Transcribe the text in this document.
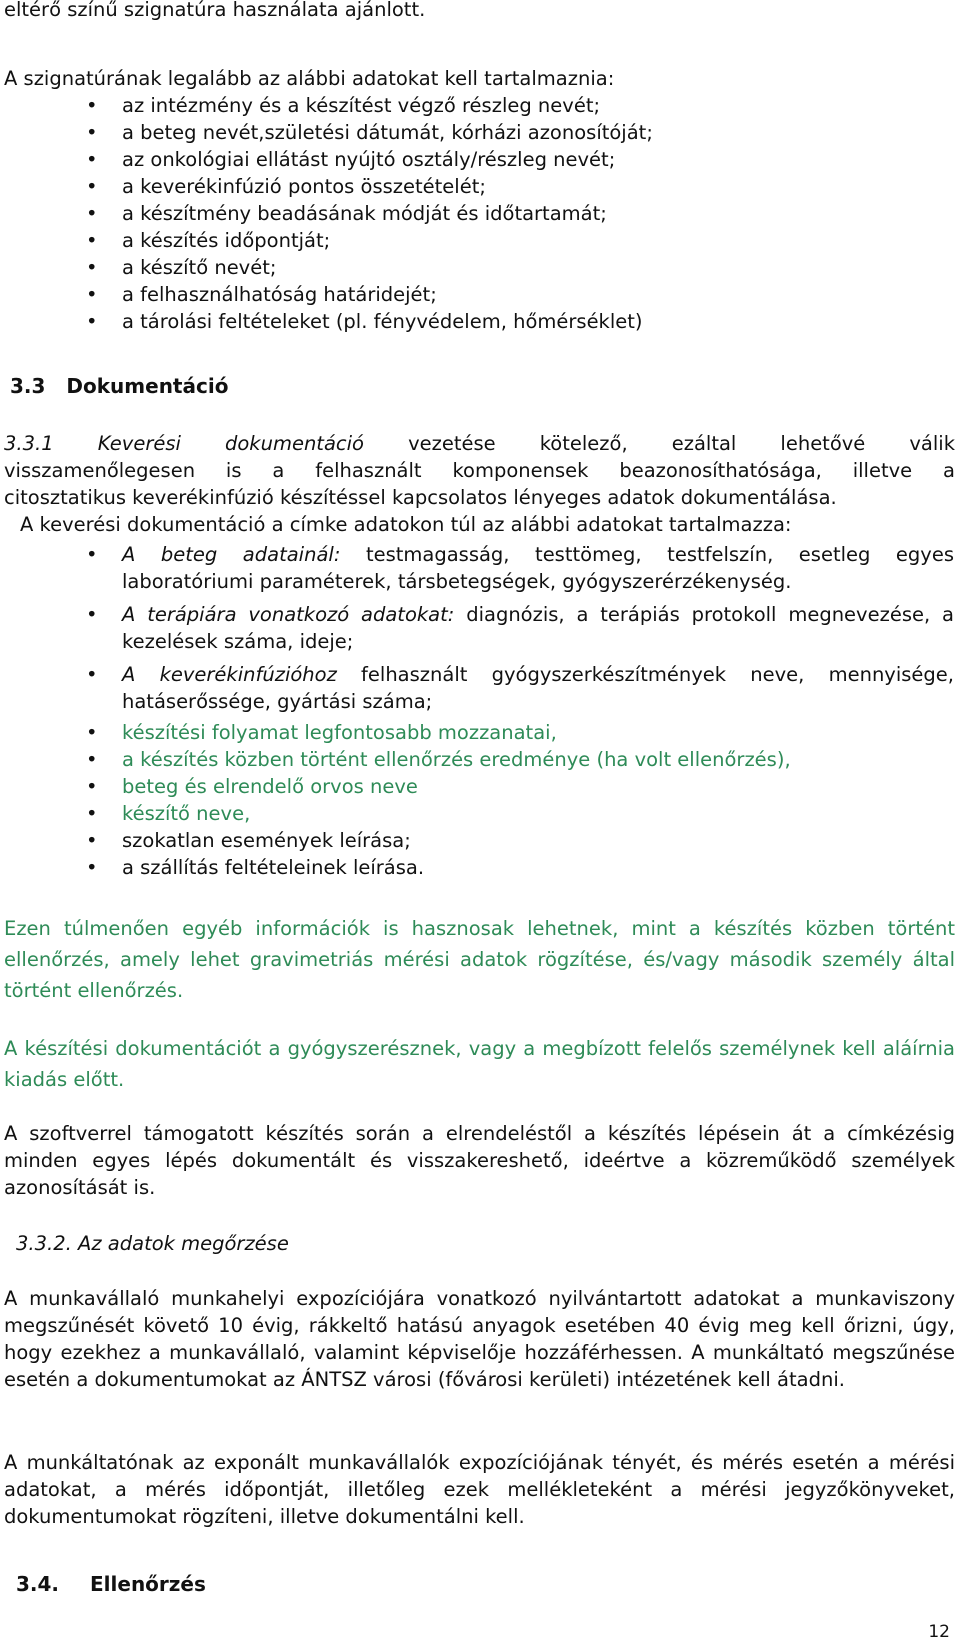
eltérő színű szignatúra használata ajánlott.
A szignatúrának legalább az alábbi adatokat kell tartalmaznia:
• az intézmény és a készítést végző részleg nevét;
• a beteg nevét,születési dátumát, kórházi azonosítóját;
• az onkológiai ellátást nyújtó osztály/részleg nevét;
• a keverékinfúzió pontos összetételét;
• a készítmény beadásának módját és időtartamát;
• a készítés időpontját;
• a készítő nevét;
• a felhasználhatóság határidejét;
• a tárolási feltételeket (pl. fényvédelem, hőmérséklet)
3.3 Dokumentáció
3.3.1 Keverési dokumentáció vezetése kötelező, ezáltal lehetővé válik
visszamenőlegesen is a felhasznált komponensek beazonosíthatósága, illetve a
citosztatikus keverékinfúzió készítéssel kapcsolatos lényeges adatok dokumentálása.
A keverési dokumentáció a címke adatokon túl az alábbi adatokat tartalmazza:
• A beteg adatainál: testmagasság, testtömeg, testfelszín, esetleg egyes laboratóriumi paraméterek, társbetegségek, gyógyszerérzékenység.
• A terápiára vonatkozó adatokat: diagnózis, a terápiás protokoll megnevezése, a kezelések száma, ideje;
• A keverékinfúzióhoz felhasznált gyógyszerkészítmények neve, mennyisége, hatáserőssége, gyártási száma;
• készítési folyamat legfontosabb mozzanatai,
• a készítés közben történt ellenőrzés eredménye (ha volt ellenőrzés),
• beteg és elrendelő orvos neve
• készítő neve,
• szokatlan események leírása;
• a szállítás feltételeinek leírása.
Ezen túlmenően egyéb információk is hasznosak lehetnek, mint a készítés közben történt ellenőrzés, amely lehet gravimetriás mérési adatok rögzítése, és/vagy második személy által történt ellenőrzés.
A készítési dokumentációt a gyógyszerésznek, vagy a megbízott felelős személynek kell aláírnia kiadás előtt.
A szoftverrel támogatott készítés során a elrendeléstől a készítés lépésein át a címkézésig minden egyes lépés dokumentált és visszakereshető, ideértve a közreműködő személyek azonosítását is.
3.3.2. Az adatok megőrzése
A munkavállaló munkahelyi expozíciójára vonatkozó nyilvántartott adatokat a munkaviszony megszűnését követő 10 évig, rákkeltő hatású anyagok esetében 40 évig meg kell őrizni, úgy, hogy ezekhez a munkavállaló, valamint képviselője hozzáférhessen. A munkáltató megszűnése esetén a dokumentumokat az ÁNTSZ városi (fővárosi kerületi) intézetének kell átadni.
A munkáltatónak az exponált munkavállalók expozíciójának tényét, és mérés esetén a mérési adatokat, a mérés időpontját, illetőleg ezek mellékleteként a mérési jegyzőkönyveket, dokumentumokat rögzíteni, illetve dokumentálni kell.
3.4. Ellenőrzés
12
